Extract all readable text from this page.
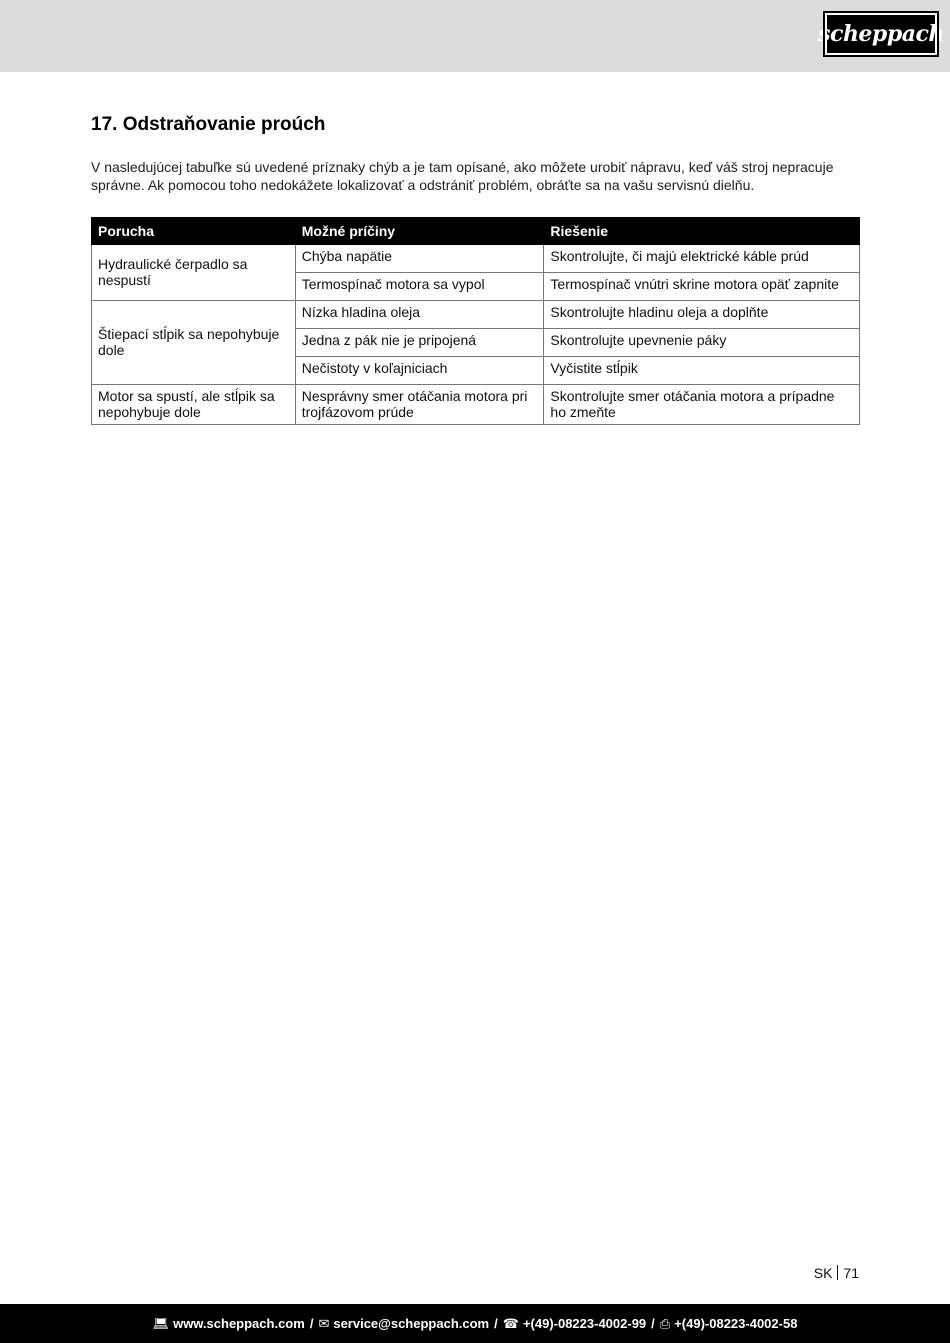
scheppach
17. Odstraňovanie proúch

V nasledujúcej tabuľke sú uvedené príznaky chýb a je tam opísané, ako môžete urobiť nápravu, keď váš stroj nepracuje správne. Ak pomocou toho nedokážete lokalizovať a odstrániť problém, obráťte sa na vašu servisnú dielňu.

Porucha	Možné príčiny	Riešenie
Hydraulické čerpadlo sa nespustí	Chýba napätie	Skontrolujte, či majú elektrické káble prúd
	Termospínač motora sa vypol	Termospínač vnútri skrine motora opäť zapnite
Štiepací stĺpik sa nepohybuje dole	Nízka hladina oleja	Skontrolujte hladinu oleja a doplňte
	Jedna z pák nie je pripojená	Skontrolujte upevnenie páky
	Nečistoty v koľajniciach	Vyčistite stĺpik
Motor sa spustí, ale stĺpik sa nepohybuje dole	Nesprávny smer otáčania motora pri trojfázovom prúde	Skontrolujte smer otáčania motora a prípadne ho zmeňte
SK 71
💻︎ www.scheppach.com / ✉︎ service@scheppach.com / ☎ +(49)-08223-4002-99 / ⎙ +(49)-08223-4002-58
